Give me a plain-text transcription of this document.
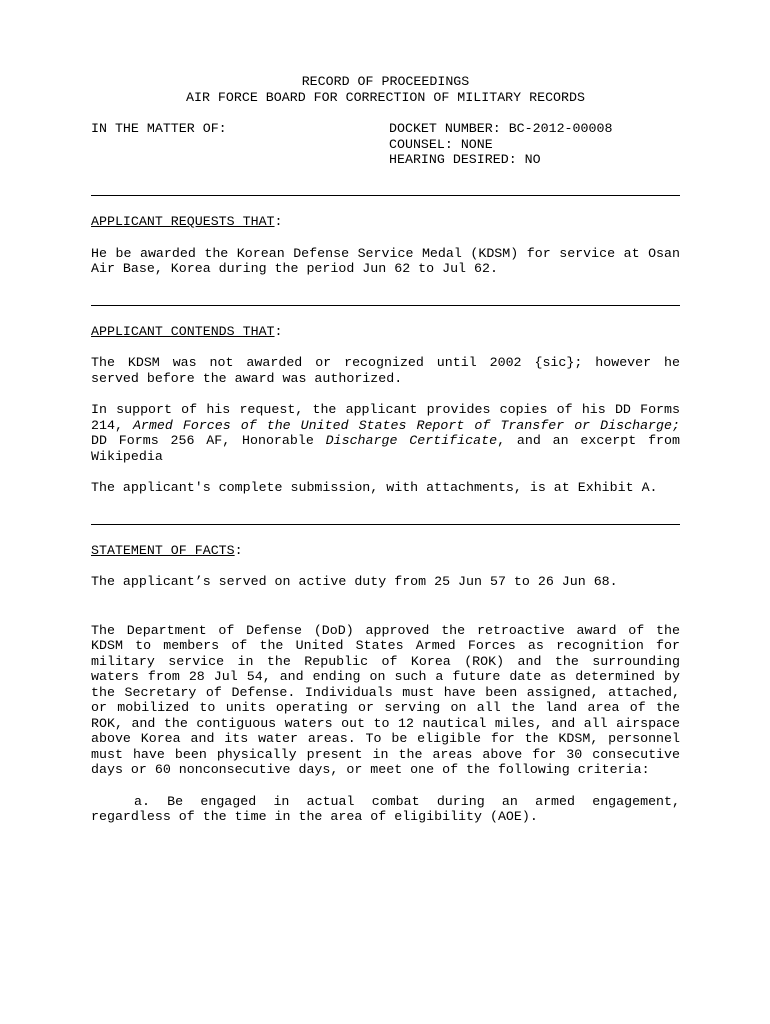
RECORD OF PROCEEDINGS
AIR FORCE BOARD FOR CORRECTION OF MILITARY RECORDS
IN THE MATTER OF:	DOCKET NUMBER: BC-2012-00008
COUNSEL: NONE
HEARING DESIRED: NO
APPLICANT REQUESTS THAT:

He be awarded the Korean Defense Service Medal (KDSM) for service at Osan Air Base, Korea during the period Jun 62 to Jul 62.

APPLICANT CONTENDS THAT:

The KDSM was not awarded or recognized until 2002 {sic}; however he served before the award was authorized.

In support of his request, the applicant provides copies of his DD Forms 214, Armed Forces of the United States Report of Transfer or Discharge; DD Forms 256 AF, Honorable Discharge Certificate, and an excerpt from Wikipedia

The applicant's complete submission, with attachments, is at Exhibit A.

STATEMENT OF FACTS:

The applicant’s served on active duty from 25 Jun 57 to 26 Jun 68.

The Department of Defense (DoD) approved the retroactive award of the KDSM to members of the United States Armed Forces as recognition for military service in the Republic of Korea (ROK) and the surrounding waters from 28 Jul 54, and ending on such a future date as determined by the Secretary of Defense. Individuals must have been assigned, attached, or mobilized to units operating or serving on all the land area of the ROK, and the contiguous waters out to 12 nautical miles, and all airspace above Korea and its water areas. To be eligible for the KDSM, personnel must have been physically present in the areas above for 30 consecutive days or 60 nonconsecutive days, or meet one of the following criteria:

a. Be engaged in actual combat during an armed engagement, regardless of the time in the area of eligibility (AOE).
